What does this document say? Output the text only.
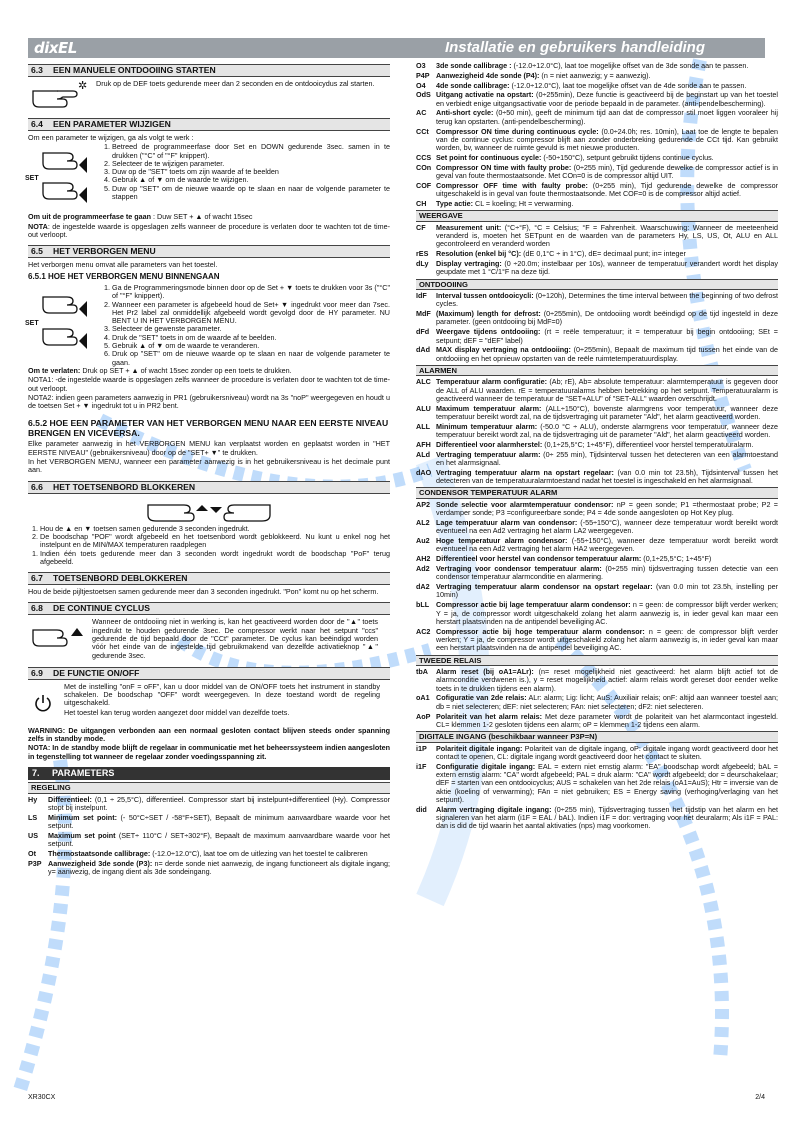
dixEL	Installatie en gebruikers handleiding
6.3 EEN MANUELE ONTDOOIING STARTEN
✲ Druk op de DEF toets gedurende meer dan 2 seconden en de ontdooicydus zal starten.

6.4 EEN PARAMETER WIJZIGEN

Om een parameter te wijzigen, ga als volgt te werk :

SET
1. Betreed de programmeerfase door Set en DOWN gedurende 3sec. samen in te drukken ("°C" of "°F" knippert).
2. Selecteer de te wijzigen parameter.
3. Duw op de "SET" toets om zijn waarde af te beelden
4. Gebruik ▲ of ▼ om de waarde te wijzigen.
5. Duw op "SET" om de nieuwe waarde op te slaan en naar de volgende parameter te stappen

Om uit de programmeerfase te gaan : Duw SET + ▲ of wacht 15sec

NOTA: de ingestelde waarde is opgeslagen zelfs wanneer de procedure is verlaten door te wachten tot de time-out verloopt.

6.5 HET VERBORGEN MENU

Het verborgen menu omvat alle parameters van het toestel.

6.5.1 HOE HET VERBORGEN MENU BINNENGAAN
SET
1. Ga de Programmeringsmode binnen door op de Set + ▼ toets te drukken voor 3s ("°C" of "°F" knippert).
2. Wanneer een parameter is afgebeeld houd de Set+ ▼ ingedrukt voor meer dan 7sec. Het Pr2 label zal onmiddellijk afgebeeld wordt gevolgd door de HY parameter. NU BENT U IN HET VERBORGEN MENU.
3. Selecteer de gewenste parameter.
4. Druk de "SET" toets in om de waarde af te beelden.
5. Gebruik ▲ of ▼ om de waarde te veranderen.
6. Druk op "SET" om de nieuwe waarde op te slaan en naar de volgende parameter te gaan.

Om te verlaten: Druk op SET + ▲ of wacht 15sec zonder op een toets te drukken.

NOTA1: -de ingestelde waarde is opgeslagen zelfs wanneer de procedure is verlaten door te wachten tot de time-out verloopt.

NOTA2: indien geen parameters aanwezig in PR1 (gebruikersniveau) wordt na 3s "noP" weergegeven en houdt u de toetsen Set + ▼ ingedrukt tot u in PR2 bent.

6.5.2 HOE EEN PARAMETER VAN HET VERBORGEN MENU NAAR EEN EERSTE NIVEAU BRENGEN EN VICEVERSA.

Elke parameter aanwezig in het VERBORGEN MENU kan verplaatst worden en geplaatst worden in "HET EERSTE NIVEAU" (gebruikersniveau) door op de "SET+ ▼" te drukken.

In het VERBORGEN MENU, wanneer een parameter aanwezig is in het gebruikersniveau is het decimale punt aan.

6.6 HET TOETSENBORD BLOKKEREN
1. Hou de ▲ en ▼ toetsen samen gedurende 3 seconden ingedrukt.
2. De boodschap "POF" wordt afgebeeld en het toetsenbord wordt geblokkeerd. Nu kunt u enkel nog het instelpunt en de MIN/MAX temperaturen raadplegen
1. Indien één toets gedurende meer dan 3 seconden wordt ingedrukt wordt de boodschap "PoF" terug afgebeeld.
6.7 TOETSENBORD DEBLOKKEREN

Hou de beide pijltjestoetsen samen gedurende meer dan 3 seconden ingedrukt. "Pon" komt nu op het scherm.

6.8 DE CONTINUE CYCLUS

Wanneer de ontdooiing niet in werking is, kan het geactiveerd worden door de "▲" toets ingedrukt te houden gedurende 3sec. De compressor werkt naar het setpunt "ccs" gedurende de tijd bepaald door de "CCt" parameter. De cyclus kan beëindigd worden vóór het einde van de ingestelde tijd gebruikmakend van dezelfde activatieknop "▲" gedurende 3sec.

6.9 DE FUNCTIE ON/OFF

Met de instelling "onF = oFF", kan u door middel van de ON/OFF toets het instrument in standby schakelen. De boodschap "OFF" wordt weergegeven. In deze toestand wordt de regeling uitgeschakeld.

Het toestel kan terug worden aangezet door middel van dezelfde toets.

WARNING: De uitgangen verbonden aan een normaal gesloten contact blijven steeds onder spanning zelfs in standby mode.

NOTA: In de standby mode blijft de regelaar in communicatie met het beheerssysteem indien aangesloten in tegenstelling tot wanneer de regelaar zonder voedingsspanning zit.

7. PARAMETERS
REGELING

Hy Differentieel: (0,1 ÷ 25,5°C), differentieel. Compressor start bij instelpunt+differentieel (Hy). Compressor stopt bij instelpunt.

LS Minimum set point: (- 50°C÷SET / -58°F÷SET), Bepaalt de minimum aanvaardbare waarde voor het setpunt.

US Maximum set point (SET÷ 110°C / SET÷302°F), Bepaalt de maximum aanvaardbare waarde voor het setpunt.

Ot Thermostaatsonde callibrage: (-12.0÷12.0°C), laat toe om de uitlezing van het toestel te calibreren

P3P Aanwezigheid 3de sonde (P3): n= derde sonde niet aanwezig, de ingang functioneert als digitale ingang; y= aanwezig, de ingang dient als 3de sondeingang.

O3 3de sonde callibrage : (-12.0÷12.0°C), laat toe mogelijke offset van de 3de sonde aan te passen.

P4P Aanwezigheid 4de sonde (P4): (n = niet aanwezig; y = aanwezig).

O4 4de sonde callibrage: (-12.0÷12.0°C), laat toe mogelijke offset van de 4de sonde aan te passen.

OdS Uitgang activatie na opstart: (0÷255min), Deze functie is geactiveerd bij de beginstart up van het toestel en verbiedt enige uitgangsactivatie voor de periode bepaald in de parameter. (anti-pendelbescherming).

AC Anti-short cycle: (0÷50 min), geeft de minimum tijd aan dat de compressor stil moet liggen vooraleer hij terug kan opstarten. (anti-pendelbescherming).

CCt Compressor ON time during continuous cycle: (0.0÷24.0h; res. 10min), Laat toe de lengte te bepalen van de continue cyclus: compressor blijft aan zonder onderbreking gedurende de CCt tijd. Kan gebruikt worden, bv, wanneer de ruimte gevuld is met nieuwe producten.

CCS Set point for continuous cycle: (-50÷150°C), setpunt gebruikt tijdens continue cyclus.

COn Compressor ON time with faulty probe: (0÷255 min), Tijd gedurende dewelke de compressor actief is in geval van foute thermostaatsonde. Met COn=0 is de compressor altijd UIT.

COF Compressor OFF time with faulty probe: (0÷255 min), Tijd gedurende dewelke de compressor uitgeschakeld is in geval van foute thermostaatsonde. Met COF=0 is de compressor altijd actief.

CH Type actie: CL = koeling; Ht = verwarming.

WEERGAVE

CF Measurement unit: (°C÷°F), °C = Celsius; °F = Fahrenheit. Waarschuwing: Wanneer de meeteenheid veranderd is, moeten het SETpunt en de waarden van de parameters Hy, LS, US, Ot, ALU en ALL gecontroleerd en veranderd worden

rES Resolution (enkel bij °C): (dE 0,1°C ÷ in 1°C), dE= decimaal punt; in= integer

dLy Display vertraging: (0 ÷20.0m; instelbaar per 10s), wanneer de temperatuur verandert wordt het display geupdate met 1 °C/1°F na deze tijd.

ONTDOOIING

IdF Interval tussen ontdooicycli: (0÷120h), Determines the time interval between the beginning of two defrost cycles.

MdF (Maximum) length for defrost: (0÷255min), De ontdooiing wordt beëindigd op de tijd ingesteld in deze parameter. (geen ontdooiing bij MdF=0)

dFd Weergave tijdens ontdooiing: (rt = reële temperatuur; it = temperatuur bij begin ontdooiing; SEt = setpunt; dEF = "dEF" label)

dAd MAX display vertraging na ontdooiing: (0÷255min), Bepaalt de maximum tijd tussen het einde van de ontdooiing en het opnieuw opstarten van de reële ruimtetemperatuurdisplay.

ALARMEN

ALC Temperatuur alarm configuratie: (Ab; rE), Ab= absolute temperatuur: alarmtemperatuur is gegeven door de ALL of ALU waarden. rE = temperatuuralarms hebben betrekking op het setpunt. Temperatuuralarm is geactiveerd wanneer de temperatuur de "SET+ALU" of "SET-ALL" waarden overschrijdt.

ALU Maximum temperatuur alarm: (ALL÷150°C), bovenste alarmgrens voor temperatuur, wanneer deze temperatuur bereikt wordt zal, na de tijdsvertraging uit parameter "Ald", het alarm geactiveerd worden.

ALL Minimum temperatuur alarm: (-50.0 °C ÷ ALU), onderste alarmgrens voor temperatuur, wanneer deze temperatuur bereikt wordt zal, na de tijdsvertraging uit de parameter "Ald", het alarm geactiveerd worden.

AFH Differentieel voor alarmherstel: (0,1÷25,5°C; 1÷45°F), differentieel voor herstel temperatuuralarm.

ALd Vertraging temperatuur alarm: (0÷ 255 min), Tijdsinterval tussen het detecteren van een alarmtoestand en het alarmsignaal.

dAO Vertraging temperatuur alarm na opstart regelaar: (van 0.0 min tot 23.5h), Tijdsinterval tussen het detecteren van de temperatuuralarmtoestand nadat het toestel is ingeschakeld en het alarmsignaal.

CONDENSOR TEMPERATUUR ALARM

AP2 Sonde selectie voor alarmtemperatuur condensor: nP = geen sonde; P1 =thermostaat probe; P2 = verdamper sonde; P3 =configureerbare sonde; P4 = 4de sonde aangesloten op Hot Key plug.

AL2 Lage temperatuur alarm van condensor: (-55÷150°C), wanneer deze temperatuur wordt bereikt wordt eventueel na een Ad2 vertraging het alarm LA2 weergegeven.

Au2 Hoge temperatuur alarm condensor: (-55÷150°C), wanneer deze temperatuur wordt bereikt wordt eventueel na een Ad2 vertraging het alarm HA2 weergegeven.

AH2 Differentieel voor herstel van condensor temperatuur alarm: (0,1÷25,5°C; 1÷45°F)

Ad2 Vertraging voor condensor temperatuur alarm: (0÷255 min) tijdsvertraging tussen detectie van een condensor temperatuur alarmconditie en alarmering.

dA2 Vertraging temperatuur alarm condensor na opstart regelaar: (van 0.0 min tot 23.5h, instelling per 10min)

bLL Compressor actie bij lage temperatuur alarm condensor: n = geen: de compressor blijft verder werken; Y = ja, de compressor wordt uitgeschakeld zolang het alarm aanwezig is, in ieder geval kan maar een herstart plaatsvinden na de antipendel beveiliging AC.

AC2 Compressor actie bij hoge temperatuur alarm condensor: n = geen: de compressor blijft verder werken; Y = ja, de compressor wordt uitgeschakeld zolang het alarm aanwezig is, in ieder geval kan maar een herstart plaatsvinden na de antipendel beveiliging AC.

TWEEDE RELAIS

tbA Alarm reset (bij oA1=ALr): (n= reset mogelijkheid niet geactiveerd: het alarm blijft actief tot de alarmconditie verdwenen is.), y = reset mogelijkheid actief: alarm relais wordt gereset door eender welke toets in te drukken tijdens een alarm).

oA1 Cofiguratie van 2de relais: ALr: alarm; Lig: licht; AuS: Auxiliair relais; onF: altijd aan wanneer toestel aan; db = niet selecteren; dEF: niet selecteren; FAn: niet selecteren; dF2: niet selecteren.

AoP Polariteit van het alarm relais: Met deze parameter wordt de polariteit van het alarmcontact ingesteld. CL= klemmen 1-2 gesloten tijdens een alarm; oP = klemmen 1-2 tijdens een alarm.

DIGITALE INGANG (beschikbaar wanneer P3P=N)

i1P Polariteit digitale ingang: Polariteit van de digitale ingang, oP: digitale ingang wordt geactiveerd door het contact te openen, CL: digitale ingang wordt geactiveerd door het contact te sluiten.

i1F Configuratie digitale ingang: EAL = extern niet ernstig alarm: "EA" boodschap wordt afgebeeld; bAL = extern ernstig alarm: "CA" wordt afgebeeld; PAL = druk alarm: "CA" wordt afgebeeld; dor = deurschakelaar; dEF = starten van een ontdooicyclus; AUS = schakelen van het 2de relais (oA1=AuS); Htr = inversie van de aktie (koeling of verwarming); FAn = niet gebruiken; ES = Energy saving (verhoging/verlaging van het setpunt).

did Alarm vertraging digitale ingang: (0÷255 min), Tijdsvertraging tussen het tijdstip van het alarm en het signaleren van het alarm (i1F = EAL / bAL). Indien i1F = dor: vertraging voor het deuralarm; Als i1F = PAL: dan is did de tijd waarin het aantal aktivaties (nps) mag voorkomen.

XR30CX	2/4
